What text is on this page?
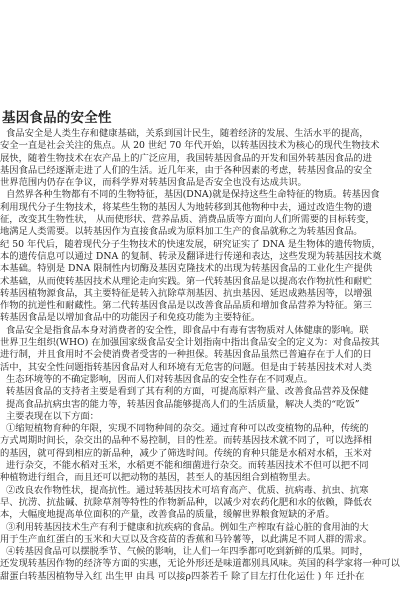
基因食品的安全性
食品安全是人类生存和健康基础，关系到国计民生，随着经济的发展、生活水平的提高，
安全一直是社会关注的焦点。从 20 世纪 70 年代开始，以转基因技术为核心的现代生物技术
展快，随着生物技术在农产品上的广泛应用，我国转基因食品的开发和国外转基因食品的进
基因食品已经逐渐走进了人们的生活。近几年来，由于各种因素的考虑，转基因食品的安全
世界范围内仍存在争议，而科学界对转基因食品是否安全也没有达成共识。
自然界各种生物都有不同的生物特征，基因(DNA)就是保持这些生命特征的物质。转基因食
利用现代分子生物技术，将某些生物的基因人为地转移到其他物种中去，通过改造生物的遗
征，改变其生物性状， 从而使形状、营养品质、消费品质等方面向人们所需要的目标转变，
地满足人类需要。以转基因作为直接食品或为原料加工生产的食品就称之为转基因食品。
纪 50 年代后，随着现代分子生物技术的快速发展，研究证实了 DNA 是生物体的遗传物质，
本的遗传信息可以通过 DNA 的复制、转录及翻译进行传递和表达，这些发现为转基因技术奠
本基础。特别是 DNA 限制性内切酶及基因克隆技术的出现为转基因食品的工业化生产提供
术基础，从而使转基因技术从理论走向实践。第一代转基因食品是以提高农作物抗性和耐贮
转基因植物源食品，其主要特征是转入抗除草剂基因、抗虫基因、延迟成熟基因等，以增强
作物的抗逆性和耐藏性。第二代转基因食品是以改善食品品质和增加食品营养为特征。第三
转基因食品是以增加食品中的功能因子和免疫功能为主要特征。
食品安全是指食品本身对消费者的安全性，即食品中有毒有害物质对人体健康的影响。联
世界卫生组织(WHO) 在加强国家级食品安全计划指南中指出食品安全的定义为：对食品按其
进行制，并且食用时不会使消费者受害的一种担保。转基因食品虽然已普遍存在于人们的日
活中，其安全性问题指转基因食品对人和环境有无危害的问题。但是由于转基因技术对人类
生态环境等的不确定影响，因而人们对转基因食品的安全性存在不同观点。
转基因食品的支持者主要是看到了其有利的方面，可提高原料产量、改善食品营养及保健
提高食品抗病虫害的能力等，转基因食品能够提高人们的生活质量，解决人类的“吃饭”
主要表现在以下方面：
①缩短植物育种的年限，实现不同物种间的杂交。通过育种可以改变植物的品种，传统的
方式周期时间长，杂交出的品种不易控制，目的性差。而转基因技术就不同了，可以选择相
的基因，就可得到相应的新品种，减少了筛选时间。传统的育种只能是水稻对水稻，玉米对
进行杂交，不能水稻对玉米，水稻更不能和细菌进行杂交。而转基因技术不但可以把不同
种植物进行组合，而且还可以把动物的基因，甚至人的基因组合到植物里去。
②改良农作物性状，提高抗性。通过转基因技术可培育高产、优质、抗病毒、抗虫、抗寒
早、抗涝、抗盐碱、抗除草剂等特性的作物新品种，以减少对农药化肥和水的依赖，降低农
本，大幅度地提高单位面积的产量，改善食品的质量，缓解世界粮食短缺的矛盾。
③利用转基因技术生产有利于健康和抗疾病的食品。例如生产榨取有益心脏的食用油的大
用于生产血红蛋白的玉米和大豆以及含疫苗的香蕉和马铃薯等，以此满足不同人群的需求。
④转基因食品可以摆脱季节、气候的影响，让人们一年四季都可吃到新鲜的瓜果。同时，
还发现转基因作物的经济等方面的实惠，无论外形还是味道都别具风味。英国的科学家将一种可以
甜蛋白转基因植物导入红 出生甲 由具 可以接ρ四茶若千 除了目左打仕化运仕 ) 年 迁扑在
